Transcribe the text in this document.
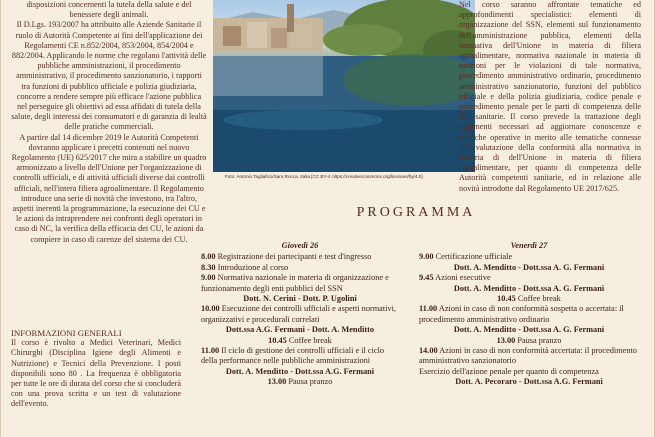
disposizioni concernenti la tutela della salute e del

benessere degli animali.

Il D.Lgs. 193/2007 ha attribuito alle Aziende Sanitarie il ruolo di Autorità Competente ai fini dell'applicazione dei Regolamenti CE n.852/2004, 853/2004, 854/2004 e 882/2004. Applicando le norme che regolano l'attività delle pubbliche amministrazioni, il procedimento amministrativo, il procedimento sanzionatorio, i rapporti tra funzioni di pubblico ufficiale e polizia giudiziaria, concorre a rendere sempre più efficace l'azione pubblica nel perseguire gli obiettivi ad essa affidati di tutela della salute, degli interessi dei consumatori e di garanzia di lealtà delle pratiche commerciali.

A partire dal 14 dicembre 2019 le Autorità Competenti dovranno applicare i precetti contenuti nel nuovo Regolamento (UE) 625/2017 che mira a stabilire un quadro armonizzato a livello dell'Unione per l'organizzazione di controlli ufficiali, e di attività ufficiali diverse dai controlli ufficiali, nell'intera filiera agroalimentare. Il Regolamento introduce una serie di novità che investono, tra l'altro, aspetti inerenti la programmazione, la esecuzione dei CU e le azioni da intraprendere nei confronti degli operatori in caso di NC, la verifica della efficacia dei CU, le azioni da compiere in caso di carenze del sistema dei CU.

Foto: Antonio Tagliafico/Sara Rocca, Italia [CC BY-4 ciltps://creativecommons.org/licenses/by/4.0]

Nel corso saranno affrontate tematiche ed approfondimenti specialistici: elementi di organizzazione del SSN, elementi sul funzionamento dell'amministrazione pubblica, elementi della normativa dell'Unione in materia di filiera agroalimentare, normativa nazionale in materia di sanzioni per le violazioni di tale normativa, procedimento amministrativo ordinario, procedimento amministrativo sanzionatorio, funzioni del pubblico ufficiale e della polizia giudiziaria, codice penale e procedimento penale per le parti di competenza delle AC sanitarie. Il corso prevede la trattazione degli argomenti necessari ad aggiornare conoscenze e tecniche operative in merito alle tematiche connesse alla valutazione della conformità alla normativa in materia di dell'Unione in materia di filiera agroalimentare, per quanto di competenza delle Autorità competenti sanitarie, ed in relazione alle novità introdotte dal Regolamento UE 2017/625.

PROGRAMMA
INFORMAZIONI GENERALI

Il corso è rivolto a Medici Veterinari, Medici Chirurghi (Disciplina Igiene degli Alimenti e Nutrizione) e Tecnici della Prevenzione. I posti disponibili sono 80 . La frequenza è obbligatoria per tutte le ore di durata del corso che si concluderà con una prova scritta e un test di valutazione dell'evento.

Giovedì 26
8.00 Registrazione dei partecipanti e test d'ingresso
8.30 Introduzione al corso
9.00 Normativa nazionale in materia di organizzazione e funzionamento degli enti pubblici del SSN
Dott. N. Cerini - Dott. P. Ugolini
10.00 Esecuzione dei controlli ufficiali e aspetti normativi, organizzativi e procedurali correlati
Dott.ssa A.G. Fermani - Dott. A. Menditto
10.45 Coffee break
11.00 Il ciclo di gestione dei controlli ufficiali e il ciclo della performance nelle pubbliche amministrazioni
Dott. A. Menditto - Dott.ssa A.G. Fermani
13.00 Pausa pranzo
Venerdì 27
9.00 Certificazione ufficiale
Dott. A. Menditto - Dott.ssa A. G. Fermani
9.45 Azioni esecutive
Dott. A. Menditto - Dott.ssa A. G. Fermani
10.45 Coffee break
11.00 Azioni in caso di non conformità sospetta o accertata: il procedimento amministrativo ordinario
Dott. A. Menditto - Dott.ssa A. G. Fermani
13.00 Pausa pranzo
14.00 Azioni in caso di non conformità accertata: il procedimento amministrativo sanzionatorio
Esercizio dell'azione penale per quanto di competenza
Dott. A. Pecoraro - Dott.ssa A.G. Fermani
